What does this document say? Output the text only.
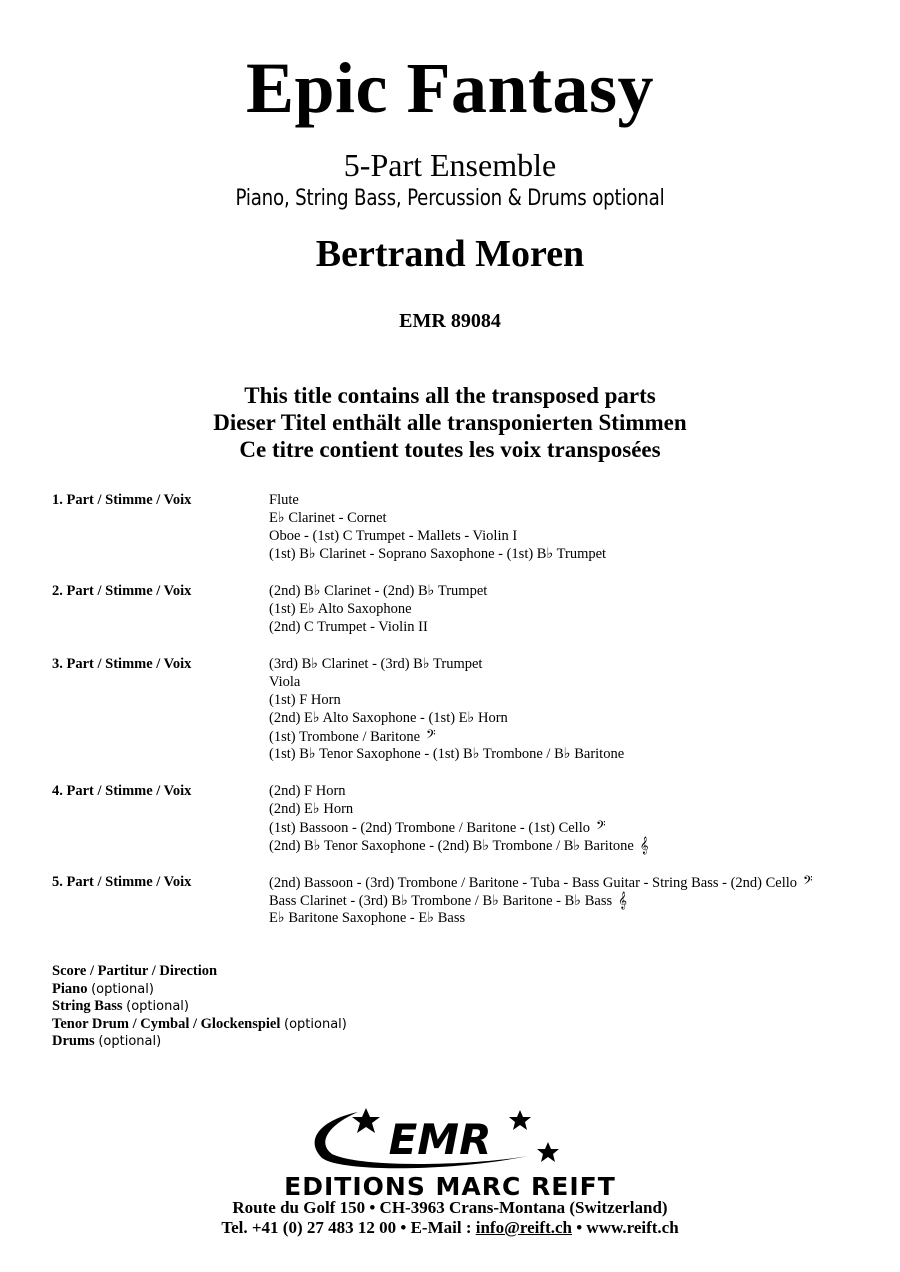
Epic Fantasy
5-Part Ensemble
Piano, String Bass, Percussion & Drums optional
Bertrand Moren
EMR 89084
This title contains all the transposed parts
Dieser Titel enthält alle transponierten Stimmen
Ce titre contient toutes les voix transposées
1. Part / Stimme / Voix	Flute
E♭ Clarinet - Cornet
Oboe - (1st) C Trumpet - Mallets - Violin I
(1st) B♭ Clarinet - Soprano Saxophone - (1st) B♭ Trumpet
2. Part / Stimme / Voix	(2nd) B♭ Clarinet - (2nd) B♭ Trumpet
(1st) E♭ Alto Saxophone
(2nd) C Trumpet - Violin II
3. Part / Stimme / Voix	(3rd) B♭ Clarinet - (3rd) B♭ Trumpet
Viola
(1st) F Horn
(2nd) E♭ Alto Saxophone - (1st) E♭ Horn
(1st) Trombone / Baritone 𝄢
(1st) B♭ Tenor Saxophone - (1st) B♭ Trombone / B♭ Baritone
4. Part / Stimme / Voix	(2nd) F Horn
(2nd) E♭ Horn
(1st) Bassoon - (2nd) Trombone / Baritone - (1st) Cello 𝄢
(2nd) B♭ Tenor Saxophone - (2nd) B♭ Trombone / B♭ Baritone 𝄞
5. Part / Stimme / Voix	(2nd) Bassoon - (3rd) Trombone / Baritone - Tuba - Bass Guitar - String Bass - (2nd) Cello 𝄢
Bass Clarinet - (3rd) B♭ Trombone / B♭ Baritone - B♭ Bass 𝄞
E♭ Baritone Saxophone - E♭ Bass
Score / Partitur / Direction
Piano (optional)
String Bass (optional)
Tenor Drum / Cymbal / Glockenspiel (optional)
Drums (optional)
EMR
EDITIONS MARC REIFT
Route du Golf 150 • CH-3963 Crans-Montana (Switzerland)
Tel. +41 (0) 27 483 12 00 • E-Mail : info@reift.ch • www.reift.ch
